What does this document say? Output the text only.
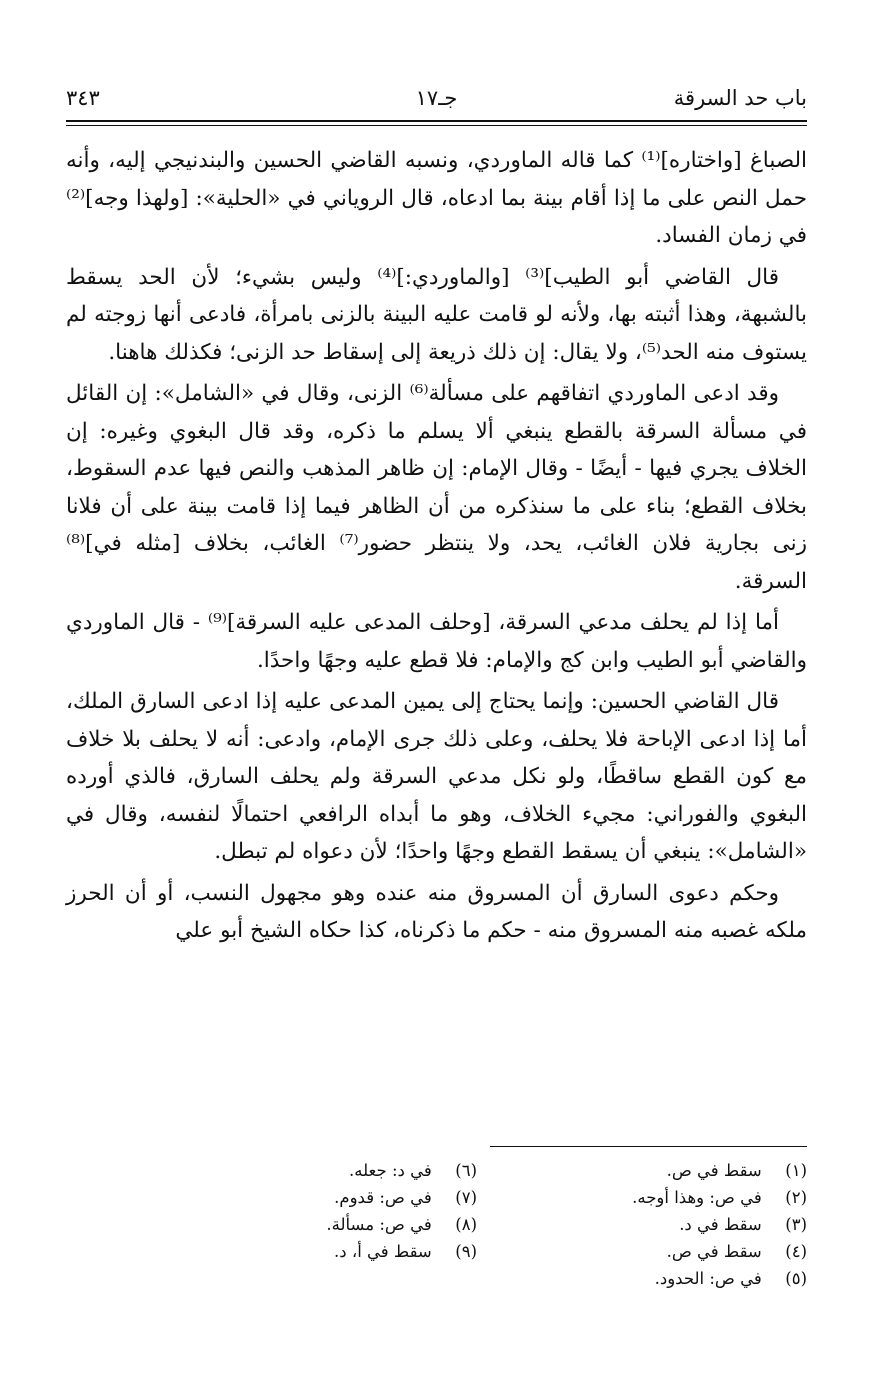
باب حد السرقة
جـ١٧
٣٤٣

الصباغ [واختاره]⁽¹⁾ كما قاله الماوردي، ونسبه القاضي الحسين والبندنيجي إليه، وأنه حمل النص على ما إذا أقام بينة بما ادعاه، قال الروياني في «الحلية»: [ولهذا وجه]⁽²⁾ في زمان الفساد.

قال القاضي أبو الطيب]⁽³⁾ [والماوردي:]⁽⁴⁾ وليس بشيء؛ لأن الحد يسقط بالشبهة، وهذا أثبته بها، ولأنه لو قامت عليه البينة بالزنى بامرأة، فادعى أنها زوجته لم يستوف منه الحد⁽⁵⁾، ولا يقال: إن ذلك ذريعة إلى إسقاط حد الزنى؛ فكذلك هاهنا.

وقد ادعى الماوردي اتفاقهم على مسألة⁽⁶⁾ الزنى، وقال في «الشامل»: إن القائل في مسألة السرقة بالقطع ينبغي ألا يسلم ما ذكره، وقد قال البغوي وغيره: إن الخلاف يجري فيها - أيضًا - وقال الإمام: إن ظاهر المذهب والنص فيها عدم السقوط، بخلاف القطع؛ بناء على ما سنذكره من أن الظاهر فيما إذا قامت بينة على أن فلانا زنى بجارية فلان الغائب، يحد، ولا ينتظر حضور⁽⁷⁾ الغائب، بخلاف [مثله في]⁽⁸⁾ السرقة.

أما إذا لم يحلف مدعي السرقة، [وحلف المدعى عليه السرقة]⁽⁹⁾ - قال الماوردي والقاضي أبو الطيب وابن كج والإمام: فلا قطع عليه وجهًا واحدًا.

قال القاضي الحسين: وإنما يحتاج إلى يمين المدعى عليه إذا ادعى السارق الملك، أما إذا ادعى الإباحة فلا يحلف، وعلى ذلك جرى الإمام، وادعى: أنه لا يحلف بلا خلاف مع كون القطع ساقطًا، ولو نكل مدعي السرقة ولم يحلف السارق، فالذي أورده البغوي والفوراني: مجيء الخلاف، وهو ما أبداه الرافعي احتمالًا لنفسه، وقال في «الشامل»: ينبغي أن يسقط القطع وجهًا واحدًا؛ لأن دعواه لم تبطل.

وحكم دعوى السارق أن المسروق منه عنده وهو مجهول النسب، أو أن الحرز ملكه غصبه منه المسروق منه - حكم ما ذكرناه، كذا حكاه الشيخ أبو علي

(١) سقط في ص.
(٢) في ص: وهذا أوجه.
(٣) سقط في د.
(٤) سقط في ص.
(٥) في ص: الحدود.
(٦) في د: جعله.
(٧) في ص: قدوم.
(٨) في ص: مسألة.
(٩) سقط في أ، د.
